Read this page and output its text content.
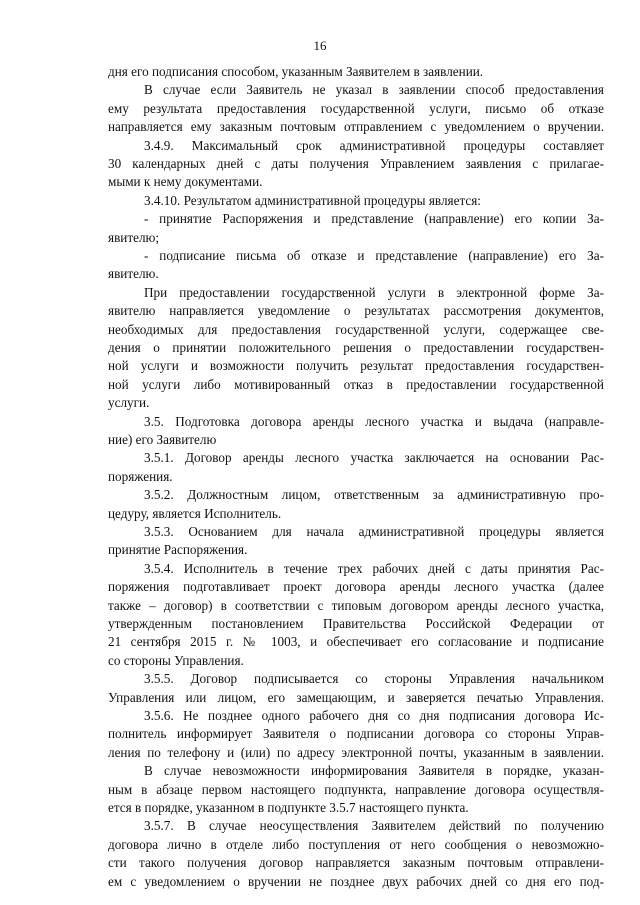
16
дня его подписания способом, указанным Заявителем в заявлении.
В случае если Заявитель не указал в заявлении способ предоставления
ему результата предоставления государственной услуги, письмо об отказе
направляется ему заказным почтовым отправлением с уведомлением о вручении.
3.4.9. Максимальный срок административной процедуры составляет
30 календарных дней с даты получения Управлением заявления с прилагае-
мыми к нему документами.
3.4.10. Результатом административной процедуры является:
- принятие Распоряжения и представление (направление) его копии За-
явителю;
- подписание письма об отказе и представление (направление) его За-
явителю.
При предоставлении государственной услуги в электронной форме За-
явителю направляется уведомление о результатах рассмотрения документов,
необходимых для предоставления государственной услуги, содержащее све-
дения о принятии положительного решения о предоставлении государствен-
ной услуги и возможности получить результат предоставления государствен-
ной услуги либо мотивированный отказ в предоставлении государственной
услуги.
3.5. Подготовка договора аренды лесного участка и выдача (направле-
ние) его Заявителю
3.5.1. Договор аренды лесного участка заключается на основании Рас-
поряжения.
3.5.2. Должностным лицом, ответственным за административную про-
цедуру, является Исполнитель.
3.5.3. Основанием для начала административной процедуры является
принятие Распоряжения.
3.5.4. Исполнитель в течение трех рабочих дней с даты принятия Рас-
поряжения подготавливает проект договора аренды лесного участка (далее
также – договор) в соответствии с типовым договором аренды лесного участка,
утвержденным постановлением Правительства Российской Федерации от
21 сентября 2015 г. № 1003, и обеспечивает его согласование и подписание
со стороны Управления.
3.5.5. Договор подписывается со стороны Управления начальником
Управления или лицом, его замещающим, и заверяется печатью Управления.
3.5.6. Не позднее одного рабочего дня со дня подписания договора Ис-
полнитель информирует Заявителя о подписании договора со стороны Управ-
ления по телефону и (или) по адресу электронной почты, указанным в заявлении.
В случае невозможности информирования Заявителя в порядке, указан-
ным в абзаце первом настоящего подпункта, направление договора осуществля-
ется в порядке, указанном в подпункте 3.5.7 настоящего пункта.
3.5.7. В случае неосуществления Заявителем действий по получению
договора лично в отделе либо поступления от него сообщения о невозможно-
сти такого получения договор направляется заказным почтовым отправлени-
ем с уведомлением о вручении не позднее двух рабочих дней со дня его под-
